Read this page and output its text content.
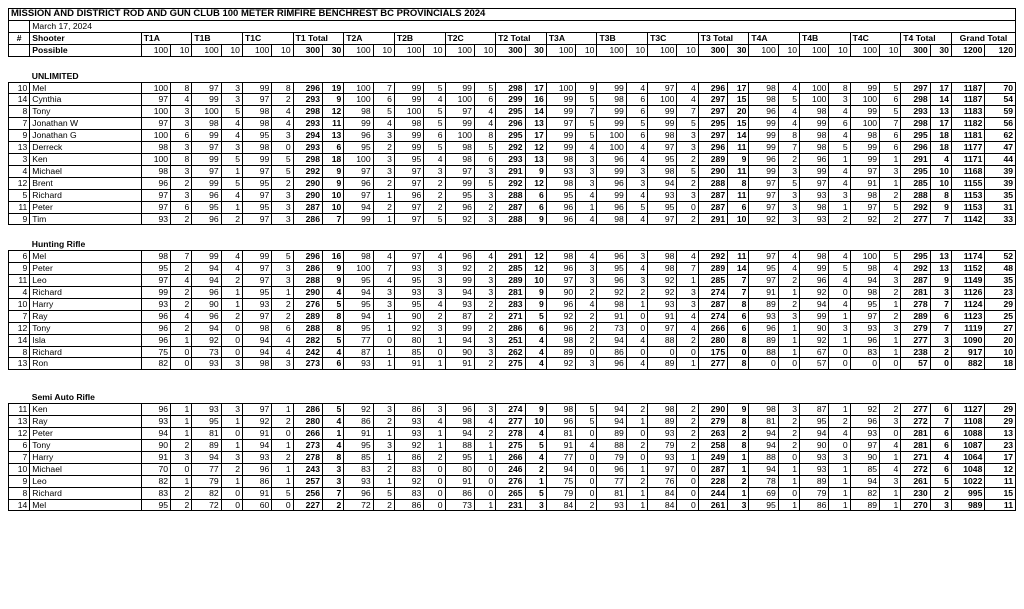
MISSION AND DISTRICT ROD AND GUN CLUB 100 METER RIMFIRE BENCHREST BC PROVINCIALS 2024																																			
	March 17, 2024																																		
#	Shooter	T1A		T1B		T1C		T1 Total		T2A		T2B		T2C		T2 Total		T3A		T3B		T3C		T3 Total		T4A		T4B		T4C		T4 Total		Grand Total	
	Possible	100	10	100	10	100	10	300	30	100	10	100	10	100	10	300	30	100	10	100	10	100	10	300	30	100	10	100	10	100	10	300	30	1200	120

	UNLIMITED																																		
10	Mel	100	8	97	3	99	8	296	19	100	7	99	5	99	5	298	17	100	9	99	4	97	4	296	17	98	4	100	8	99	5	297	17	1187	70
14	Cynthia	97	4	99	3	97	2	293	9	100	6	99	4	100	6	299	16	99	5	98	6	100	4	297	15	98	5	100	3	100	6	298	14	1187	54
8	Tony	100	3	100	5	98	4	298	12	98	5	100	5	97	4	295	14	99	7	99	6	99	7	297	20	96	4	98	4	99	5	293	13	1183	59
7	Jonathan W	97	3	98	4	98	4	293	11	99	4	98	5	99	4	296	13	97	5	99	5	99	5	295	15	99	4	99	6	100	7	298	17	1182	56
9	Jonathan G	100	6	99	4	95	3	294	13	96	3	99	6	100	8	295	17	99	5	100	6	98	3	297	14	99	8	98	4	98	6	295	18	1181	62
13	Derreck	98	3	97	3	98	0	293	6	95	2	99	5	98	5	292	12	99	4	100	4	97	3	296	11	99	7	98	5	99	6	296	18	1177	47
3	Ken	100	8	99	5	99	5	298	18	100	3	95	4	98	6	293	13	98	3	96	4	95	2	289	9	96	2	96	1	99	1	291	4	1171	44
4	Michael	98	3	97	1	97	5	292	9	97	3	97	3	97	3	291	9	93	3	99	3	98	5	290	11	99	3	99	4	97	3	295	10	1168	39
12	Brent	96	2	99	5	95	2	290	9	96	2	97	2	99	5	292	12	98	3	96	3	94	2	288	8	97	5	97	4	91	1	285	10	1155	39
5	Richard	97	3	96	4	97	3	290	10	97	1	96	2	95	3	288	6	95	4	99	4	93	3	287	11	97	3	93	3	98	2	288	8	1153	35
11	Peter	97	6	95	1	95	3	287	10	94	2	97	2	96	2	287	6	96	1	96	5	95	0	287	6	97	3	98	1	97	5	292	9	1153	31
9	Tim	93	2	96	2	97	3	286	7	99	1	97	5	92	3	288	9	96	4	98	4	97	2	291	10	92	3	93	2	92	2	277	7	1142	33

	Hunting Rifle																																		
6	Mel	98	7	99	4	99	5	296	16	98	4	97	4	96	4	291	12	98	4	96	3	98	4	292	11	97	4	98	4	100	5	295	13	1174	52
9	Peter	95	2	94	4	97	3	286	9	100	7	93	3	92	2	285	12	96	3	95	4	98	7	289	14	95	4	99	5	98	4	292	13	1152	48
11	Leo	97	4	94	2	97	3	288	9	95	4	95	3	99	3	289	10	97	3	96	3	92	1	285	7	97	2	96	4	94	3	287	9	1149	35
4	Richard	99	2	96	1	95	1	290	4	94	3	93	3	94	3	281	9	90	2	92	2	92	3	274	7	91	1	92	0	98	2	281	3	1126	23
10	Harry	93	2	90	1	93	2	276	5	95	3	95	4	93	2	283	9	96	4	98	1	93	3	287	8	89	2	94	4	95	1	278	7	1124	29
7	Ray	96	4	96	2	97	2	289	8	94	1	90	2	87	2	271	5	92	2	91	0	91	4	274	6	93	3	99	1	97	2	289	6	1123	25
12	Tony	96	2	94	0	98	6	288	8	95	1	92	3	99	2	286	6	96	2	73	0	97	4	266	6	96	1	90	3	93	3	279	7	1119	27
14	Isla	96	1	92	0	94	4	282	5	77	0	80	1	94	3	251	4	98	2	94	4	88	2	280	8	89	1	92	1	96	1	277	3	1090	20
8	Richard	75	0	73	0	94	4	242	4	87	1	85	0	90	3	262	4	89	0	86	0	0	0	175	0	88	1	67	0	83	1	238	2	917	10
13	Ron	82	0	93	3	98	3	273	6	93	1	91	1	91	2	275	4	92	3	96	4	89	1	277	8	0	0	57	0	0	0	57	0	882	18

	Semi Auto Rifle																																		
11	Ken	96	1	93	3	97	1	286	5	92	3	86	3	96	3	274	9	98	5	94	2	98	2	290	9	98	3	87	1	92	2	277	6	1127	29
13	Ray	93	1	95	1	92	2	280	4	86	2	93	4	98	4	277	10	96	5	94	1	89	2	279	8	81	2	95	2	96	3	272	7	1108	29
12	Peter	94	1	81	0	91	0	266	1	91	1	93	1	94	2	278	4	81	0	89	0	93	2	263	2	94	2	94	4	93	0	281	6	1088	13
6	Tony	90	2	89	1	94	1	273	4	95	3	92	1	88	1	275	5	91	4	88	2	79	2	258	8	94	2	90	0	97	4	281	6	1087	23
7	Harry	91	3	94	3	93	2	278	8	85	1	86	2	95	1	266	4	77	0	79	0	93	1	249	1	88	0	93	3	90	1	271	4	1064	17
10	Michael	70	0	77	2	96	1	243	3	83	2	83	0	80	0	246	2	94	0	96	1	97	0	287	1	94	1	93	1	85	4	272	6	1048	12
9	Leo	82	1	79	1	86	1	257	3	93	1	92	0	91	0	276	1	75	0	77	2	76	0	228	2	78	1	89	1	94	3	261	5	1022	11
8	Richard	83	2	82	0	91	5	256	7	96	5	83	0	86	0	265	5	79	0	81	1	84	0	244	1	69	0	79	1	82	1	230	2	995	15
14	Mel	95	2	72	0	60	0	227	2	72	2	86	0	73	1	231	3	84	2	93	1	84	0	261	3	95	1	86	1	89	1	270	3	989	11
